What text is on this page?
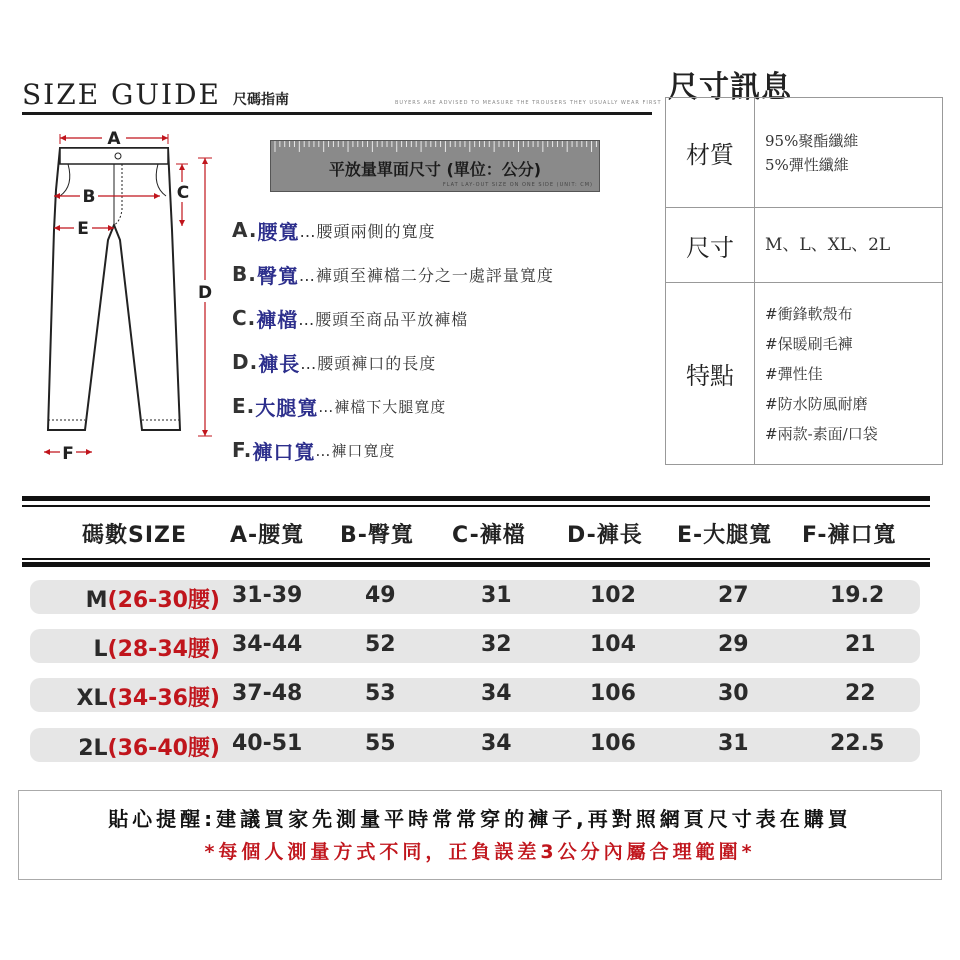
SIZE GUIDE 尺碼指南	BUYERS ARE ADVISED TO MEASURE THE TROUSERS THEY USUALLY WEAR FIRST
A
B
E
C
D
F
平放量單面尺寸 (單位：公分)
FLAT LAY-OUT SIZE ON ONE SIDE (UNIT: CM)
A. 腰寬 …腰頭兩側的寬度
B. 臀寬 …褲頭至褲檔二分之一處評量寬度
C. 褲檔 …腰頭至商品平放褲檔
D. 褲長 …腰頭褲口的長度
E. 大腿寬 …褲檔下大腿寬度
F. 褲口寬 …褲口寬度
尺寸訊息
材質	95%聚酯纖維
5%彈性纖維

尺寸	M、L、XL、2L
特點	#衝鋒軟殼布
#保暖刷毛褲
#彈性佳
#防水防風耐磨
#兩款-素面/口袋
碼數SIZE A-腰寬 B-臀寬 C-褲檔 D-褲長 E-大腿寬 F-褲口寬
M(26-30腰) 31-39	49	31	102	27	19.2
L(28-34腰) 34-44	52	32	104	29	21
XL(34-36腰) 37-48	53	34	106	30	22
2L(36-40腰) 40-51	55	34	106	31	22.5
貼心提醒:建議買家先測量平時常常穿的褲子,再對照網頁尺寸表在購買
*每個人測量方式不同，正負誤差3公分內屬合理範圍*
